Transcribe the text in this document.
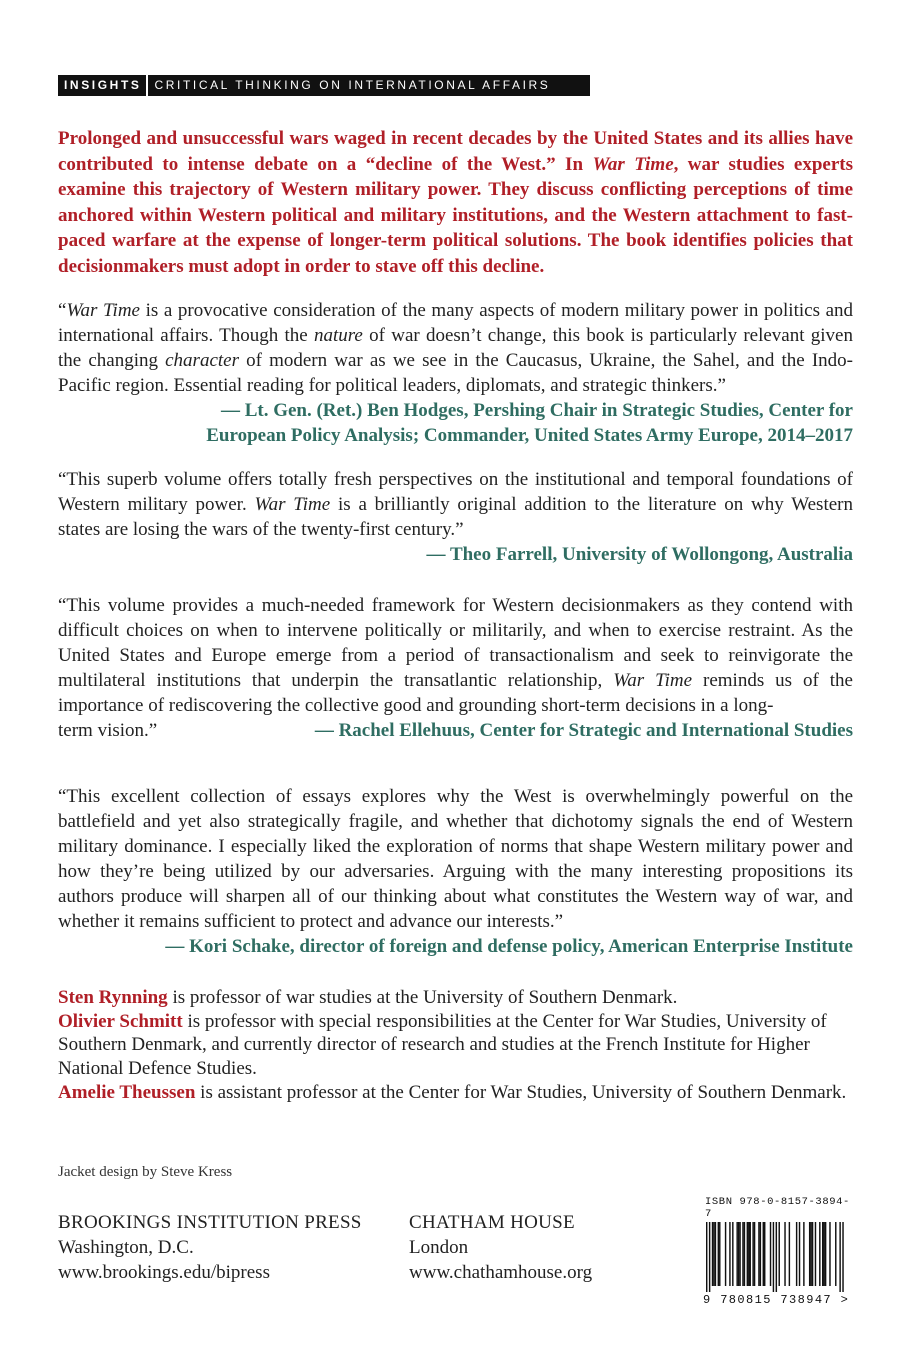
INSIGHTS	CRITICAL THINKING ON INTERNATIONAL AFFAIRS
Prolonged and unsuccessful wars waged in recent decades by the United States and its allies have contributed to intense debate on a “decline of the West.” In War Time, war studies experts examine this trajectory of Western military power. They discuss conflicting perceptions of time anchored within Western political and military institutions, and the Western attachment to fast-paced warfare at the expense of longer-term political solutions. The book identifies policies that decisionmakers must adopt in order to stave off this decline.
“War Time is a provocative consideration of the many aspects of modern military power in politics and international affairs. Though the nature of war doesn’t change, this book is particularly relevant given the changing character of modern war as we see in the Caucasus, Ukraine, the Sahel, and the Indo-Pacific region. Essential reading for political leaders, diplomats, and strategic thinkers.”
— Lt. Gen. (Ret.) Ben Hodges, Pershing Chair in Strategic Studies, Center for
European Policy Analysis; Commander, United States Army Europe, 2014–2017
“This superb volume offers totally fresh perspectives on the institutional and temporal foundations of Western military power. War Time is a brilliantly original addition to the literature on why Western states are losing the wars of the twenty-first century.”
— Theo Farrell, University of Wollongong, Australia
“This volume provides a much-needed framework for Western decisionmakers as they contend with difficult choices on when to intervene politically or militarily, and when to exercise restraint. As the United States and Europe emerge from a period of transactionalism and seek to reinvigorate the multilateral institutions that underpin the transatlantic relationship, War Time reminds us of the importance of rediscovering the collective good and grounding short-term decisions in a long-
term vision.”	— Rachel Ellehuus, Center for Strategic and International Studies
“This excellent collection of essays explores why the West is overwhelmingly powerful on the battlefield and yet also strategically fragile, and whether that dichotomy signals the end of Western military dominance. I especially liked the exploration of norms that shape Western military power and how they’re being utilized by our adversaries. Arguing with the many interesting propositions its authors produce will sharpen all of our thinking about what constitutes the Western way of war, and whether it remains sufficient to protect and advance our interests.”
— Kori Schake, director of foreign and defense policy, American Enterprise Institute
Sten Rynning is professor of war studies at the University of Southern Denmark.
Olivier Schmitt is professor with special responsibilities at the Center for War Studies, University of Southern Denmark, and currently director of research and studies at the French Institute for Higher National Defence Studies.
Amelie Theussen is assistant professor at the Center for War Studies, University of Southern Denmark.
Jacket design by Steve Kress
BROOKINGS INSTITUTION PRESS
Washington, D.C.
www.brookings.edu/bipress
CHATHAM HOUSE
London
www.chathamhouse.org
ISBN 978-0-8157-3894-7
9 780815 738947 >
